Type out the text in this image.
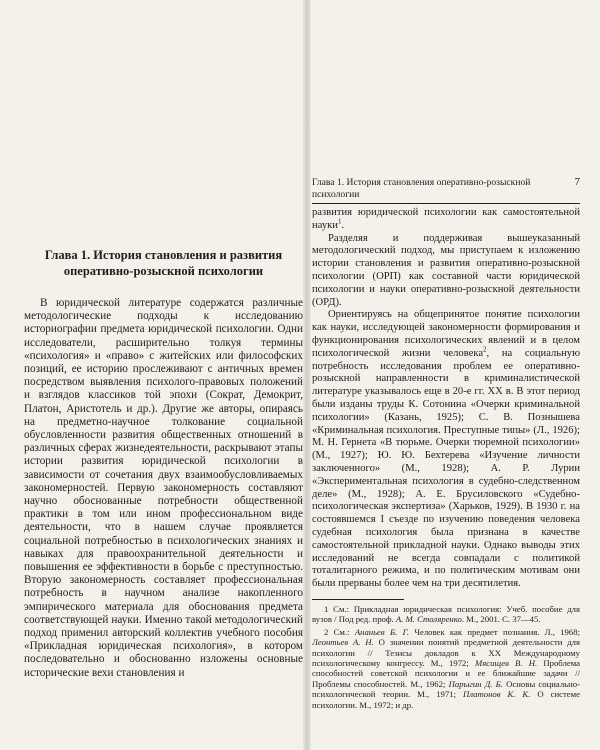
Глава 1. История становления и развития
оперативно-розыскной психологии

В юридической литературе содержатся различные методологические подходы к исследованию историографии предмета юридической психологии. Одни исследователи, расширительно толкуя термины «психология» и «право» с житейских или философских позиций, ее историю прослеживают с античных времен посредством выявления психолого-правовых положений и взглядов классиков той эпохи (Сократ, Демокрит, Платон, Аристотель и др.). Другие же авторы, опираясь на предметно-научное толкование социальной обусловленности развития общественных отношений в различных сферах жизнедеятельности, раскрывают этапы истории развития юридической психологии в зависимости от сочетания двух взаимообусловливаемых закономерностей. Первую закономерность составляют научно обоснованные потребности общественной практики в том или ином профессиональном виде деятельности, что в нашем случае проявляется социальной потребностью в психологических знаниях и навыках для правоохранительной деятельности и повышения ее эффективности в борьбе с преступностью. Вторую закономерность составляет профессиональная потребность в научном анализе накопленного эмпирического материала для обоснования предмета соответствующей науки. Именно такой методологический подход применил авторский коллектив учебного пособия «Прикладная юридическая психология», в котором последовательно и обоснованно изложены основные исторические вехи становления и

Глава 1. История становления оперативно-розыскной психологии
7

развития юридической психологии как самостоятельной науки$^1$.

Разделяя и поддерживая вышеуказанный методологический подход, мы приступаем к изложению истории становления и развития оперативно-розыскной психологии (ОРП) как составной части юридической психологии и науки оперативно-розыскной деятельности (ОРД).

Ориентируясь на общепринятое понятие психологии как науки, исследующей закономерности формирования и функционирования психологических явлений и в целом психологической жизни человека$^2$, на социальную потребность исследования проблем ее оперативно-розыскной направленности в криминалистической литературе указывалось еще в 20-е гг. XX в. В этот период были изданы труды К. Сотонина «Очерки криминальной психологии» (Казань, 1925); С. В. Познышева «Криминальная психология. Преступные типы» (Л., 1926); М. Н. Гернета «В тюрьме. Очерки тюремной психологии» (М., 1927); Ю. Ю. Бехтерева «Изучение личности заключенного» (М., 1928); А. Р. Лурии «Экспериментальная психология в судебно-следственном деле» (М., 1928); А. Е. Брусиловского «Судебно-психологическая экспертиза» (Харьков, 1929). В 1930 г. на состоявшемся I съезде по изучению поведения человека судебная психология была признана в качестве самостоятельной прикладной науки. Однако выводы этих исследований не всегда совпадали с политикой тоталитарного режима, и по политическим мотивам они были прерваны более чем на три десятилетия.

1 См.: Прикладная юридическая психология: Учеб. пособие для вузов / Под ред. проф. А. М. Столяренко. М., 2001. С. 37—45.

2 См.: Ананьев Б. Г. Человек как предмет познания. Л., 1968; Леонтьев А. Н. О значении понятий предметной деятельности для психологии // Тезисы докладов к XX Международному психологическому конгрессу. М., 1972; Мясищев В. Н. Проблема способностей советской психологии и ее ближайшие задачи // Проблемы способностей. М., 1962; Парыгин Д. Б. Основы социально-психологической теории. М., 1971; Платонов К. К. О системе психологии. М., 1972; и др.
